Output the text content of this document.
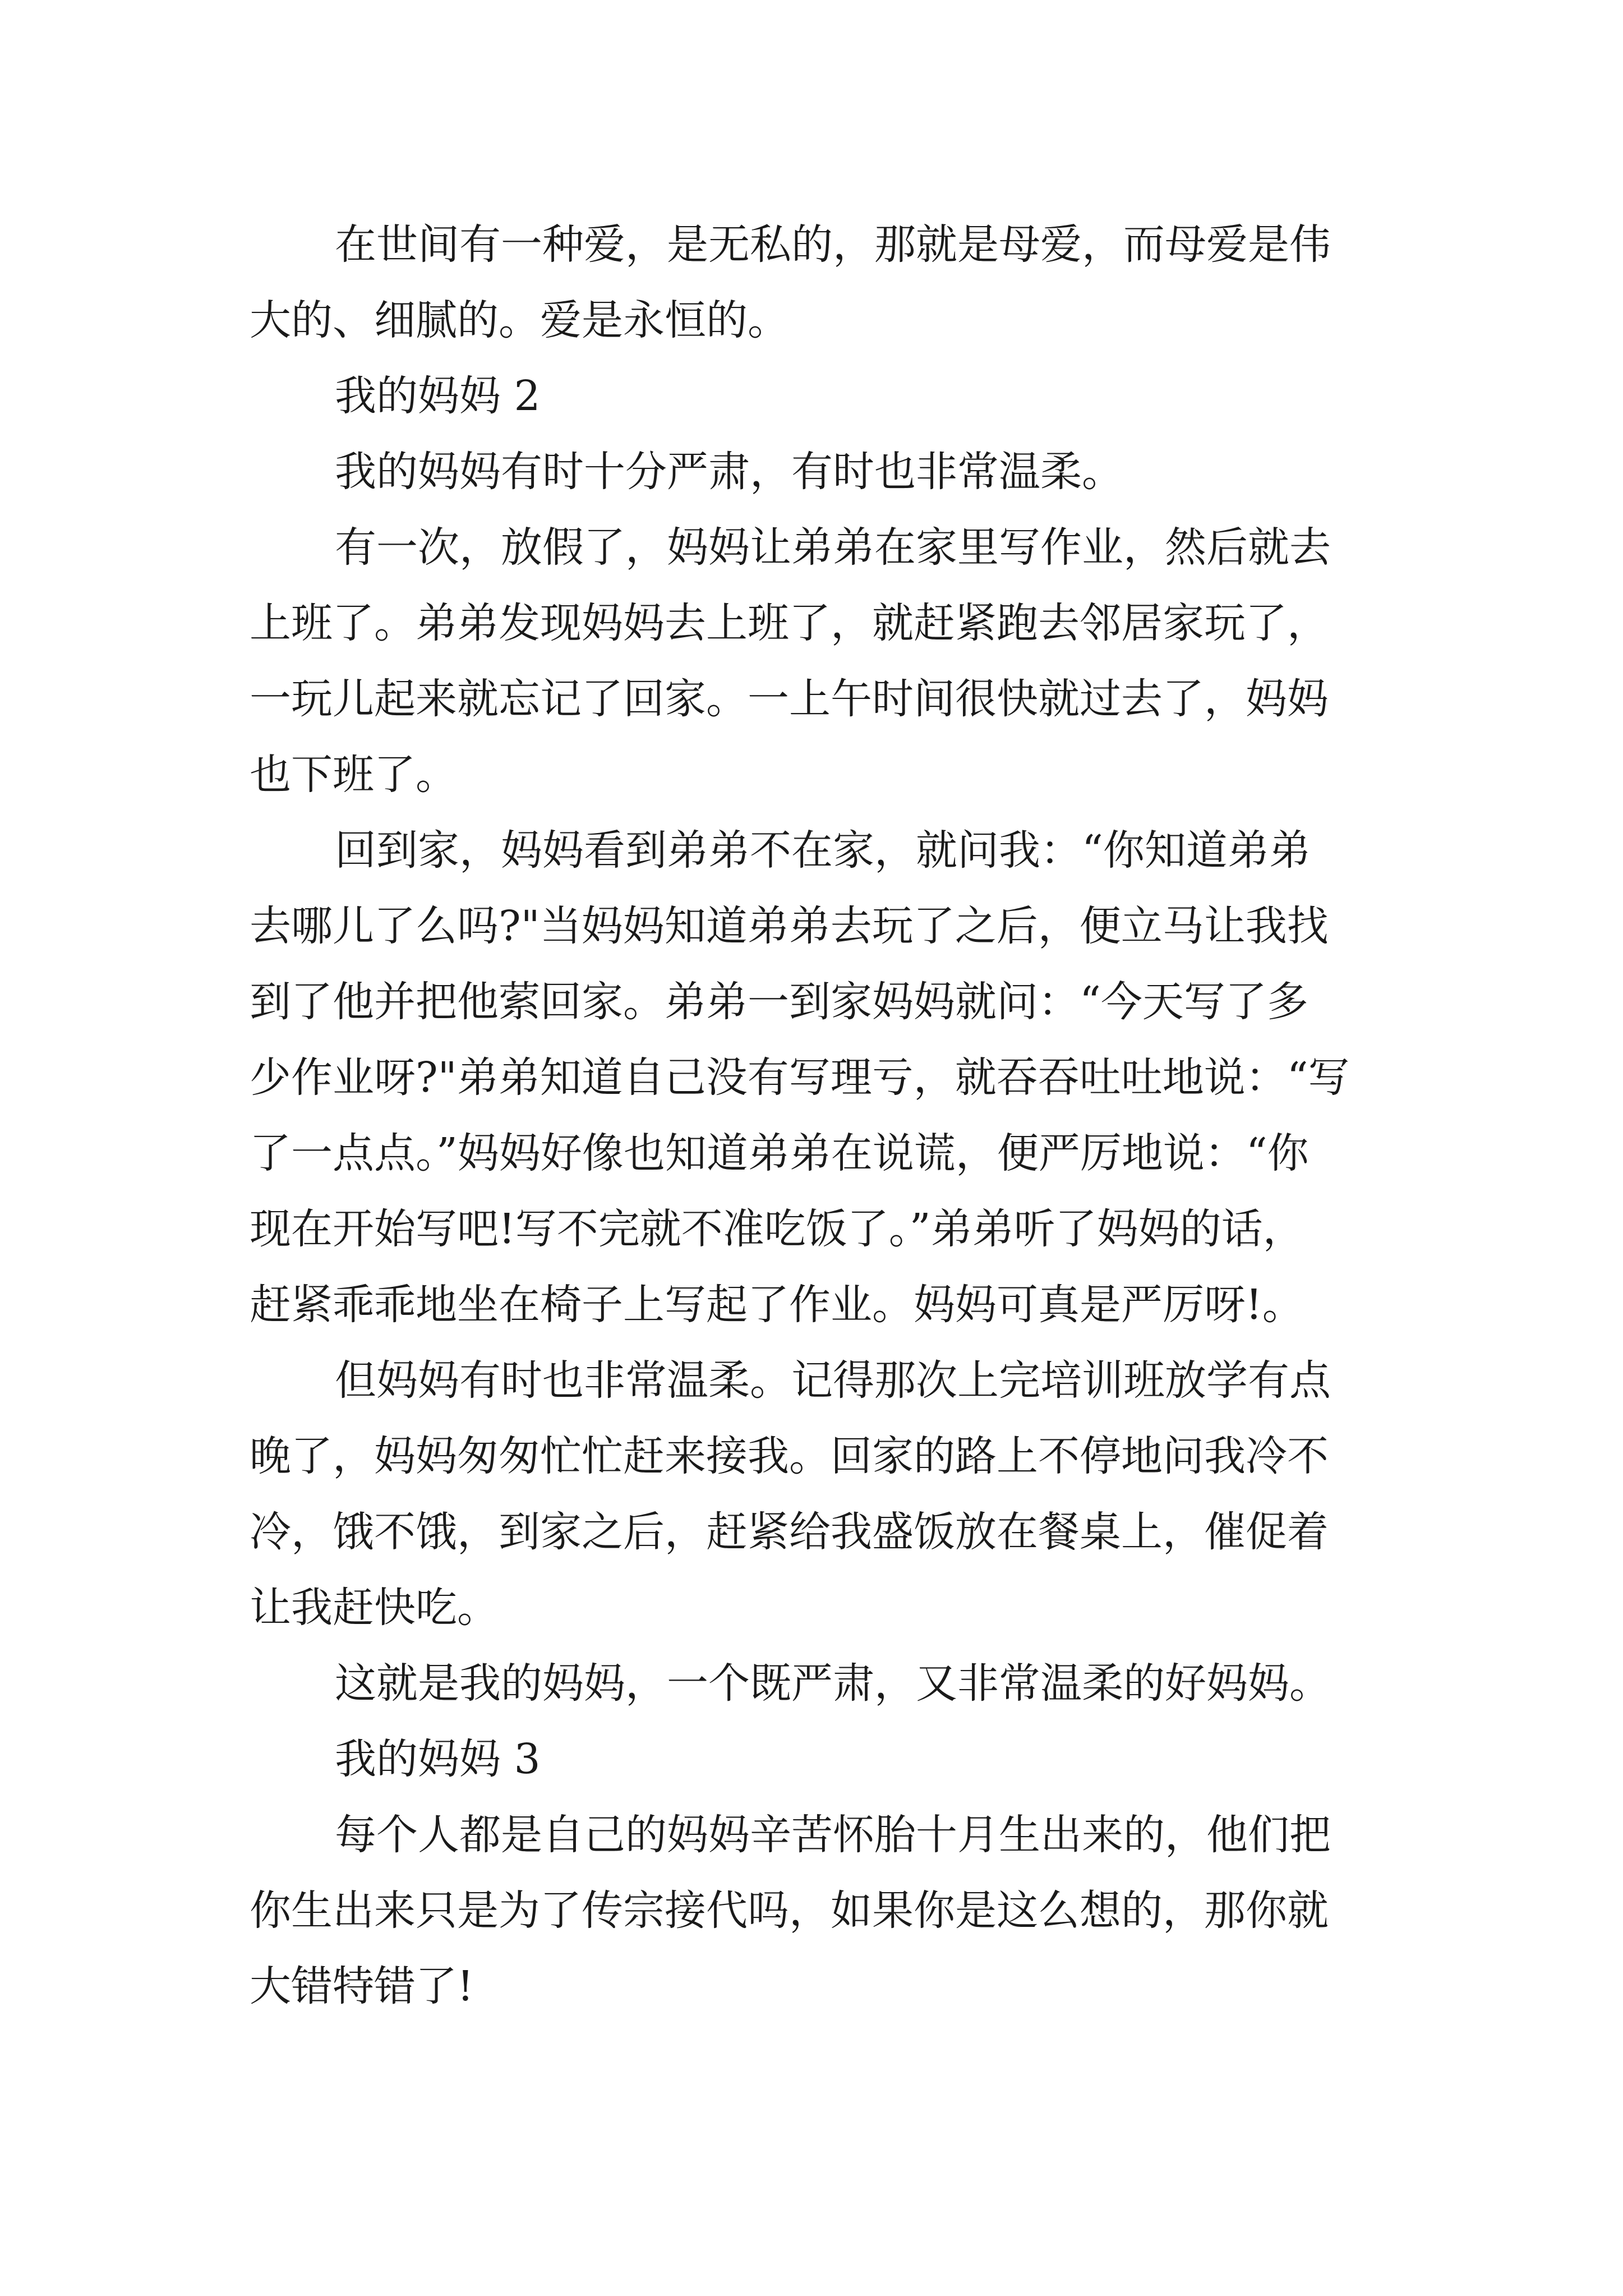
在世间有一种爱，是无私的，那就是母爱，而母爱是伟
大的、细腻的。爱是永恒的。
我的妈妈 2
我的妈妈有时十分严肃，有时也非常温柔。
有一次，放假了，妈妈让弟弟在家里写作业，然后就去
上班了。弟弟发现妈妈去上班了，就赶紧跑去邻居家玩了，
一玩儿起来就忘记了回家。一上午时间很快就过去了，妈妈
也下班了。
回到家，妈妈看到弟弟不在家，就问我：“你知道弟弟
去哪儿了么吗?"当妈妈知道弟弟去玩了之后，便立马让我找
到了他并把他萦回家。弟弟一到家妈妈就问：“今天写了多
少作业呀?"弟弟知道自己没有写理亏，就吞吞吐吐地说：“写
了一点点。”妈妈好像也知道弟弟在说谎，便严厉地说：“你
现在开始写吧!写不完就不准吃饭了。”弟弟听了妈妈的话，
赶紧乖乖地坐在椅子上写起了作业。妈妈可真是严厉呀!。
但妈妈有时也非常温柔。记得那次上完培训班放学有点
晚了，妈妈匆匆忙忙赶来接我。回家的路上不停地问我冷不
冷，饿不饿，到家之后，赶紧给我盛饭放在餐桌上，催促着
让我赶快吃。
这就是我的妈妈，一个既严肃，又非常温柔的好妈妈。
我的妈妈 3
每个人都是自己的妈妈辛苦怀胎十月生出来的，他们把
你生出来只是为了传宗接代吗，如果你是这么想的，那你就
大错特错了!
